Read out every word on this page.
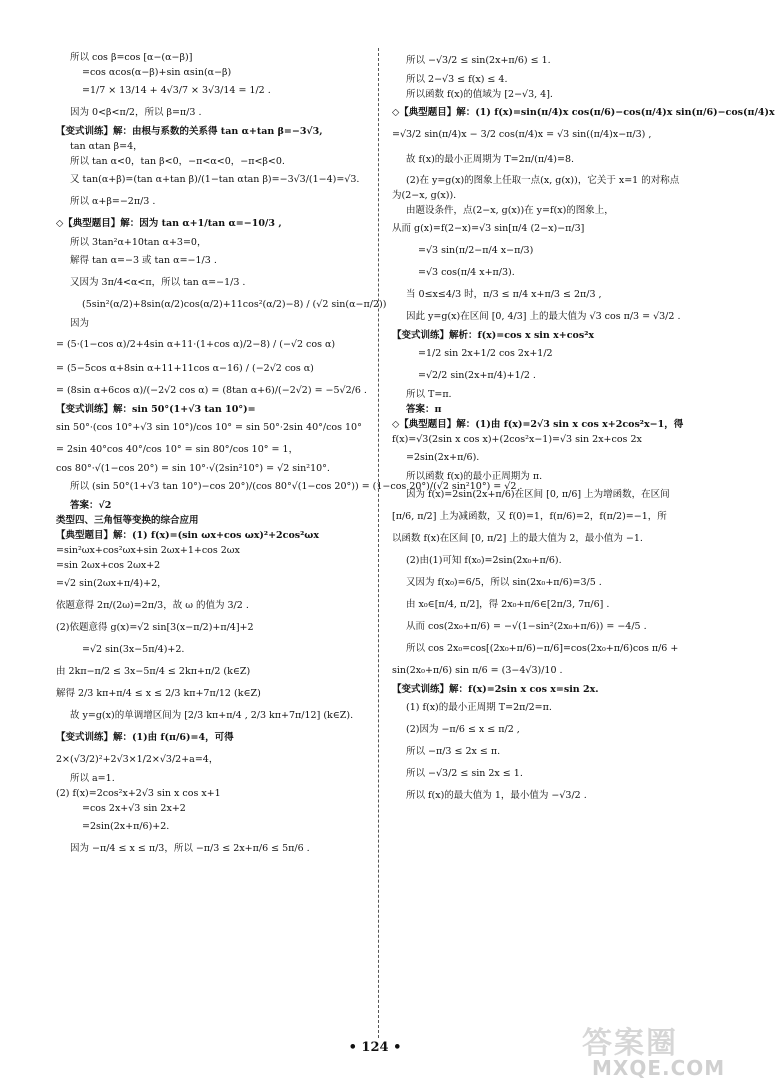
所以 cos β=cos [α−(α−β)]
=cos αcos(α−β)+sin αsin(α−β)
=1/7 × 13/14 + 4√3/7 × 3√3/14 = 1/2 .
因为 0<β<π/2，所以 β=π/3 .
【变式训练】解：由根与系数的关系得 tan α+tan β=−3√3,
tan αtan β=4，
所以 tan α<0，tan β<0，−π<α<0，−π<β<0.
又 tan(α+β)=(tan α+tan β)/(1−tan αtan β)=−3√3/(1−4)=√3.
所以 α+β=−2π/3 .
◇【典型题目】解：因为 tan α+1/tan α=−10/3 ,
所以 3tan²α+10tan α+3=0，
解得 tan α=−3 或 tan α=−1/3 .
又因为 3π/4<α<π，所以 tan α=−1/3 .
(5sin²(α/2)+8sin(α/2)cos(α/2)+11cos²(α/2)−8) / (√2 sin(α−π/2))
因为
= (5·(1−cos α)/2+4sin α+11·(1+cos α)/2−8) / (−√2 cos α)
= (5−5cos α+8sin α+11+11cos α−16) / (−2√2 cos α)
= (8sin α+6cos α)/(−2√2 cos α) = (8tan α+6)/(−2√2) = −5√2/6 .
【变式训练】解：sin 50°(1+√3 tan 10°)=
sin 50°·(cos 10°+√3 sin 10°)/cos 10° = sin 50°·2sin 40°/cos 10°
= 2sin 40°cos 40°/cos 10° = sin 80°/cos 10° = 1，
cos 80°·√(1−cos 20°) = sin 10°·√(2sin²10°) = √2 sin²10°.
所以 (sin 50°(1+√3 tan 10°)−cos 20°)/(cos 80°√(1−cos 20°)) = (1−cos 20°)/(√2 sin²10°) = √2 .
答案：√2
类型四、三角恒等变换的综合应用
【典型题目】解：(1) f(x)=(sin ωx+cos ωx)²+2cos²ωx
=sin²ωx+cos²ωx+sin 2ωx+1+cos 2ωx
=sin 2ωx+cos 2ωx+2
=√2 sin(2ωx+π/4)+2，
依题意得 2π/(2ω)=2π/3，故 ω 的值为 3/2 .
(2)依题意得 g(x)=√2 sin[3(x−π/2)+π/4]+2
=√2 sin(3x−5π/4)+2.
由 2kπ−π/2 ≤ 3x−5π/4 ≤ 2kπ+π/2 (k∈Z)
解得 2/3 kπ+π/4 ≤ x ≤ 2/3 kπ+7π/12 (k∈Z)
故 y=g(x)的单调增区间为 [2/3 kπ+π/4 , 2/3 kπ+7π/12] (k∈Z).
【变式训练】解：(1)由 f(π/6)=4，可得
2×(√3/2)²+2√3×1/2×√3/2+a=4，
所以 a=1.
(2) f(x)=2cos²x+2√3 sin x cos x+1
=cos 2x+√3 sin 2x+2
=2sin(2x+π/6)+2.
因为 −π/4 ≤ x ≤ π/3，所以 −π/3 ≤ 2x+π/6 ≤ 5π/6 .
所以 −√3/2 ≤ sin(2x+π/6) ≤ 1.
所以 2−√3 ≤ f(x) ≤ 4.
所以函数 f(x)的值域为 [2−√3, 4].
◇【典型题目】解：(1) f(x)=sin(π/4)x cos(π/6)−cos(π/4)x sin(π/6)−cos(π/4)x
=√3/2 sin(π/4)x − 3/2 cos(π/4)x = √3 sin((π/4)x−π/3) ,
故 f(x)的最小正周期为 T=2π/(π/4)=8.
(2)在 y=g(x)的图象上任取一点(x, g(x))，它关于 x=1 的对称点
为(2−x, g(x)).
由题设条件，点(2−x, g(x))在 y=f(x)的图象上，
从而 g(x)=f(2−x)=√3 sin[π/4 (2−x)−π/3]
=√3 sin(π/2−π/4 x−π/3)
=√3 cos(π/4 x+π/3).
当 0≤x≤4/3 时，π/3 ≤ π/4 x+π/3 ≤ 2π/3 ,
因此 y=g(x)在区间 [0, 4/3] 上的最大值为 √3 cos π/3 = √3/2 .
【变式训练】解析：f(x)=cos x sin x+cos²x
=1/2 sin 2x+1/2 cos 2x+1/2
=√2/2 sin(2x+π/4)+1/2 .
所以 T=π.
答案：π
◇【典型题目】解：(1)由 f(x)=2√3 sin x cos x+2cos²x−1，得
f(x)=√3(2sin x cos x)+(2cos²x−1)=√3 sin 2x+cos 2x
=2sin(2x+π/6).
所以函数 f(x)的最小正周期为 π.
因为 f(x)=2sin(2x+π/6)在区间 [0, π/6] 上为增函数，在区间
[π/6, π/2] 上为减函数，又 f(0)=1，f(π/6)=2，f(π/2)=−1，所
以函数 f(x)在区间 [0, π/2] 上的最大值为 2，最小值为 −1.
(2)由(1)可知 f(x₀)=2sin(2x₀+π/6).
又因为 f(x₀)=6/5，所以 sin(2x₀+π/6)=3/5 .
由 x₀∈[π/4, π/2]，得 2x₀+π/6∈[2π/3, 7π/6] .
从而 cos(2x₀+π/6) = −√(1−sin²(2x₀+π/6)) = −4/5 .
所以 cos 2x₀=cos[(2x₀+π/6)−π/6]=cos(2x₀+π/6)cos π/6 +
sin(2x₀+π/6) sin π/6 = (3−4√3)/10 .
【变式训练】解：f(x)=2sin x cos x=sin 2x.
(1) f(x)的最小正周期 T=2π/2=π.
(2)因为 −π/6 ≤ x ≤ π/2 ,
所以 −π/3 ≤ 2x ≤ π.
所以 −√3/2 ≤ sin 2x ≤ 1.
所以 f(x)的最大值为 1，最小值为 −√3/2 .
• 124 •	答案圈
MXQE.COM
